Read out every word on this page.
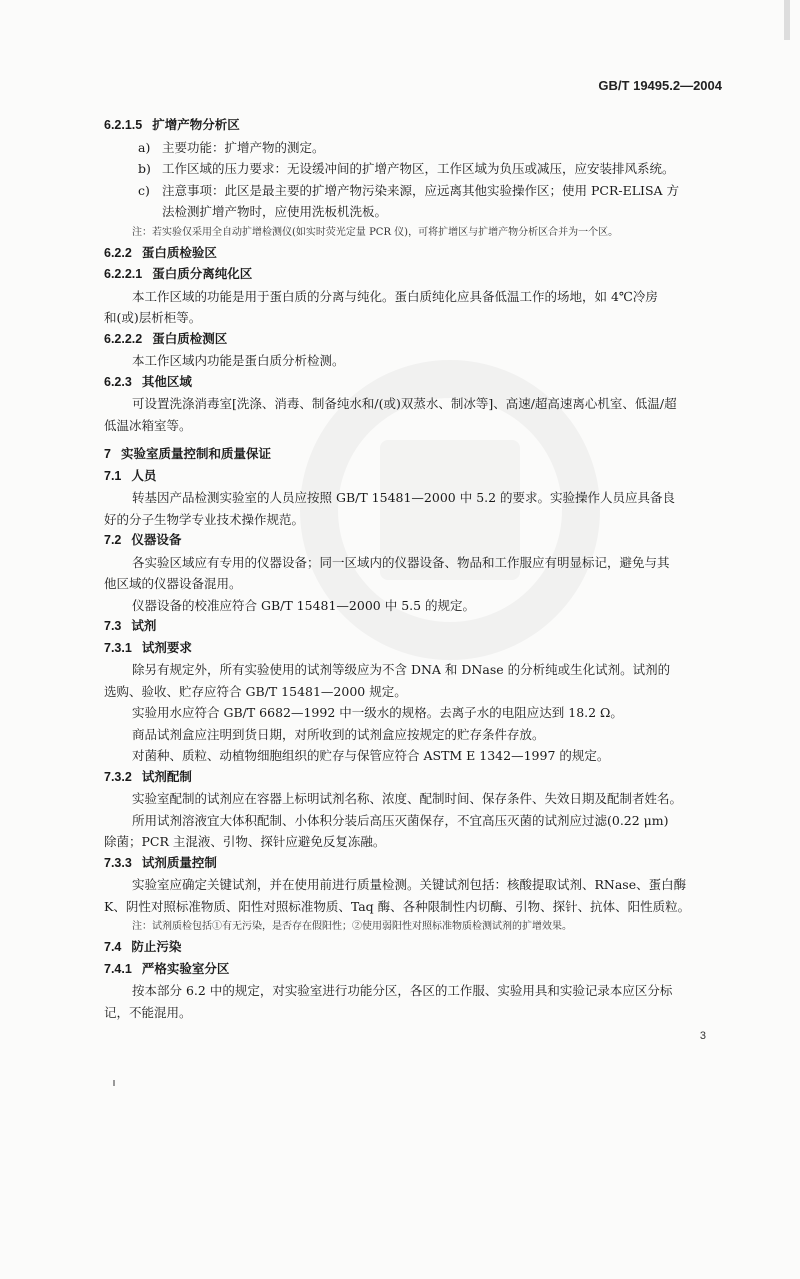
GB/T 19495.2—2004
6.2.1.5 扩增产物分析区
a) 主要功能：扩增产物的测定。
b) 工作区域的压力要求：无设缓冲间的扩增产物区，工作区域为负压或减压，应安装排风系统。
c) 注意事项：此区是最主要的扩增产物污染来源，应远离其他实验操作区；使用 PCR-ELISA 方
法检测扩增产物时，应使用洗板机洗板。
注：若实验仅采用全自动扩增检测仪(如实时荧光定量 PCR 仪)，可将扩增区与扩增产物分析区合并为一个区。
6.2.2 蛋白质检验区
6.2.2.1 蛋白质分离纯化区
本工作区域的功能是用于蛋白质的分离与纯化。蛋白质纯化应具备低温工作的场地，如 4℃冷房
和(或)层析柜等。
6.2.2.2 蛋白质检测区
本工作区域内功能是蛋白质分析检测。
6.2.3 其他区域
可设置洗涤消毒室[洗涤、消毒、制备纯水和/(或)双蒸水、制冰等]、高速/超高速离心机室、低温/超
低温冰箱室等。
7 实验室质量控制和质量保证
7.1 人员
转基因产品检测实验室的人员应按照 GB/T 15481—2000 中 5.2 的要求。实验操作人员应具备良
好的分子生物学专业技术操作规范。
7.2 仪器设备
各实验区域应有专用的仪器设备；同一区域内的仪器设备、物品和工作服应有明显标记，避免与其
他区域的仪器设备混用。
仪器设备的校准应符合 GB/T 15481—2000 中 5.5 的规定。
7.3 试剂
7.3.1 试剂要求
除另有规定外，所有实验使用的试剂等级应为不含 DNA 和 DNase 的分析纯或生化试剂。试剂的
选购、验收、贮存应符合 GB/T 15481—2000 规定。
实验用水应符合 GB/T 6682—1992 中一级水的规格。去离子水的电阻应达到 18.2 Ω。
商品试剂盒应注明到货日期，对所收到的试剂盒应按规定的贮存条件存放。
对菌种、质粒、动植物细胞组织的贮存与保管应符合 ASTM E 1342—1997 的规定。
7.3.2 试剂配制
实验室配制的试剂应在容器上标明试剂名称、浓度、配制时间、保存条件、失效日期及配制者姓名。
所用试剂溶液宜大体积配制、小体积分装后高压灭菌保存，不宜高压灭菌的试剂应过滤(0.22 μm)
除菌；PCR 主混液、引物、探针应避免反复冻融。
7.3.3 试剂质量控制
实验室应确定关键试剂，并在使用前进行质量检测。关键试剂包括：核酸提取试剂、RNase、蛋白酶
K、阴性对照标准物质、阳性对照标准物质、Taq 酶、各种限制性内切酶、引物、探针、抗体、阳性质粒。
注：试剂质检包括①有无污染，是否存在假阳性；②使用弱阳性对照标准物质检测试剂的扩增效果。
7.4 防止污染
7.4.1 严格实验室分区
按本部分 6.2 中的规定，对实验室进行功能分区，各区的工作服、实验用具和实验记录本应区分标
记，不能混用。
3
